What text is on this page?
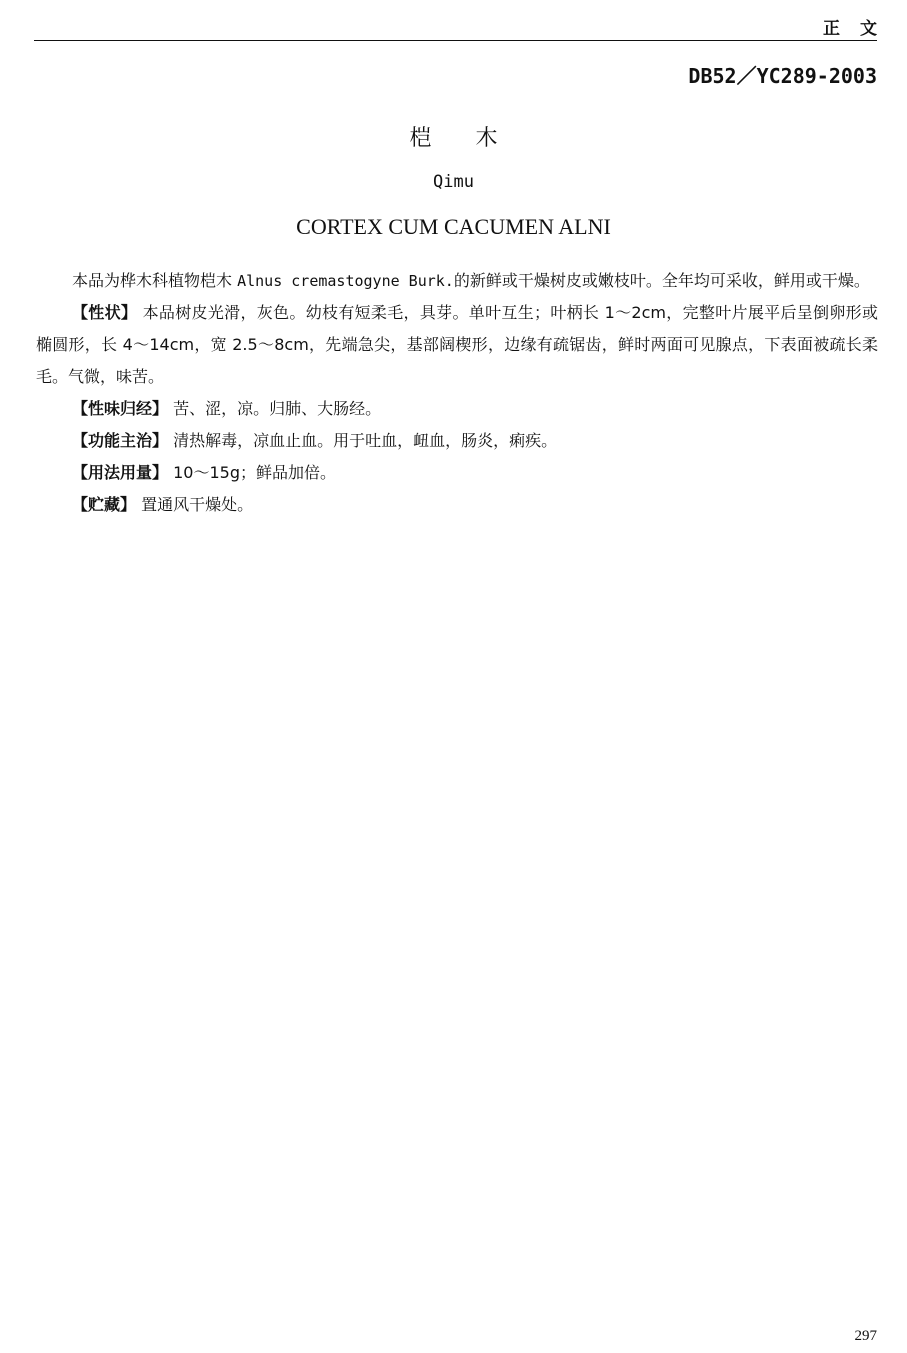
正文
DB52／YC289-2003
桤木
Qimu
CORTEX CUM CACUMEN ALNI

本品为桦木科植物桤木 Alnus cremastogyne Burk.的新鲜或干燥树皮或嫩枝叶。全年均可采收，鲜用或干燥。

【性状】 本品树皮光滑，灰色。幼枝有短柔毛，具芽。单叶互生；叶柄长 1～2cm，完整叶片展平后呈倒卵形或椭圆形，长 4～14cm，宽 2.5～8cm，先端急尖，基部阔楔形，边缘有疏锯齿，鲜时两面可见腺点，下表面被疏长柔毛。气微，味苦。

【性味归经】 苦、涩，凉。归肺、大肠经。

【功能主治】 清热解毒，凉血止血。用于吐血，衄血，肠炎，痢疾。

【用法用量】 10～15g；鲜品加倍。

【贮藏】 置通风干燥处。

297
